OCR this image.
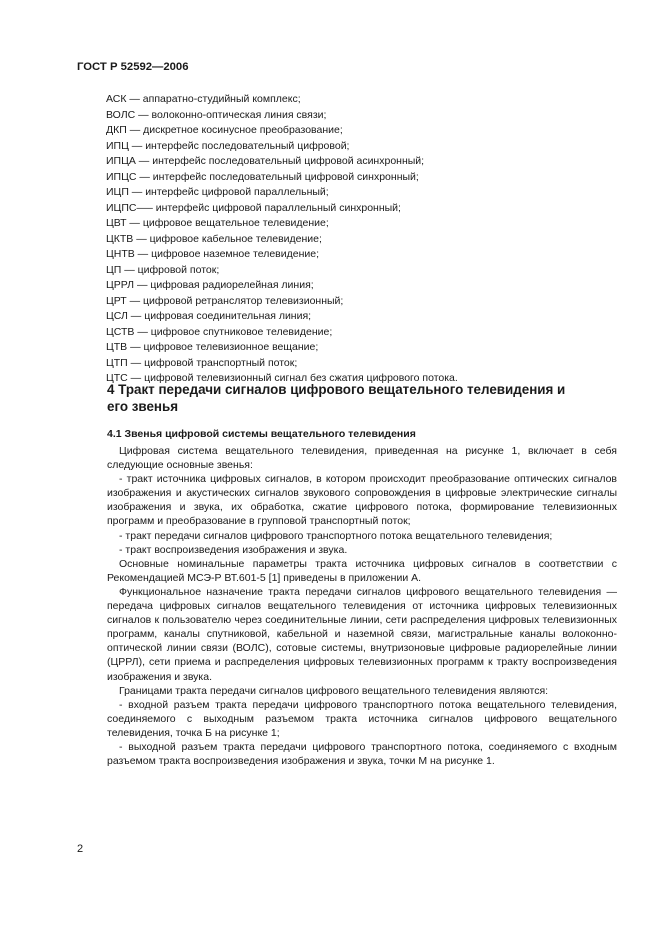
ГОСТ Р 52592—2006
АСК — аппаратно-студийный комплекс;
ВОЛС — волоконно-оптическая линия связи;
ДКП — дискретное косинусное преобразование;
ИПЦ — интерфейс последовательный цифровой;
ИПЦА — интерфейс последовательный цифровой асинхронный;
ИПЦС — интерфейс последовательный цифровой синхронный;
ИЦП — интерфейс цифровой параллельный;
ИЦПС—– интерфейс цифровой параллельный синхронный;
ЦВТ — цифровое вещательное телевидение;
ЦКТВ — цифровое кабельное телевидение;
ЦНТВ — цифровое наземное телевидение;
ЦП — цифровой поток;
ЦРРЛ — цифровая радиорелейная линия;
ЦРТ — цифровой ретранслятор телевизионный;
ЦСЛ — цифровая соединительная линия;
ЦСТВ — цифровое спутниковое телевидение;
ЦТВ — цифровое телевизионное вещание;
ЦТП — цифровой транспортный поток;
ЦТС — цифровой телевизионный сигнал без сжатия цифрового потока.
4 Тракт передачи сигналов цифрового вещательного телевидения и его звенья
4.1 Звенья цифровой системы вещательного телевидения

Цифровая система вещательного телевидения, приведенная на рисунке 1, включает в себя следующие основные звенья:

- тракт источника цифровых сигналов, в котором происходит преобразование оптических сигналов изображения и акустических сигналов звукового сопровождения в цифровые электрические сигналы изображения и звука, их обработка, сжатие цифрового потока, формирование телевизионных программ и преобразование в групповой транспортный поток;

- тракт передачи сигналов цифрового транспортного потока вещательного телевидения;

- тракт воспроизведения изображения и звука.

Основные номинальные параметры тракта источника цифровых сигналов в соответствии с Рекомендацией МСЭ-Р ВТ.601-5 [1] приведены в приложении А.

Функциональное назначение тракта передачи сигналов цифрового вещательного телевидения — передача цифровых сигналов вещательного телевидения от источника цифровых телевизионных сигналов к пользователю через соединительные линии, сети распределения цифровых телевизионных программ, каналы спутниковой, кабельной и наземной связи, магистральные каналы волоконно-оптической линии связи (ВОЛС), сотовые системы, внутризоновые цифровые радиорелейные линии (ЦРРЛ), сети приема и распределения цифровых телевизионных программ к тракту воспроизведения изображения и звука.

Границами тракта передачи сигналов цифрового вещательного телевидения являются:

- входной разъем тракта передачи цифрового транспортного потока вещательного телевидения, соединяемого с выходным разъемом тракта источника сигналов цифрового вещательного телевидения, точка Б на рисунке 1;

- выходной разъем тракта передачи цифрового транспортного потока, соединяемого с входным разъемом тракта воспроизведения изображения и звука, точки М на рисунке 1.

2
